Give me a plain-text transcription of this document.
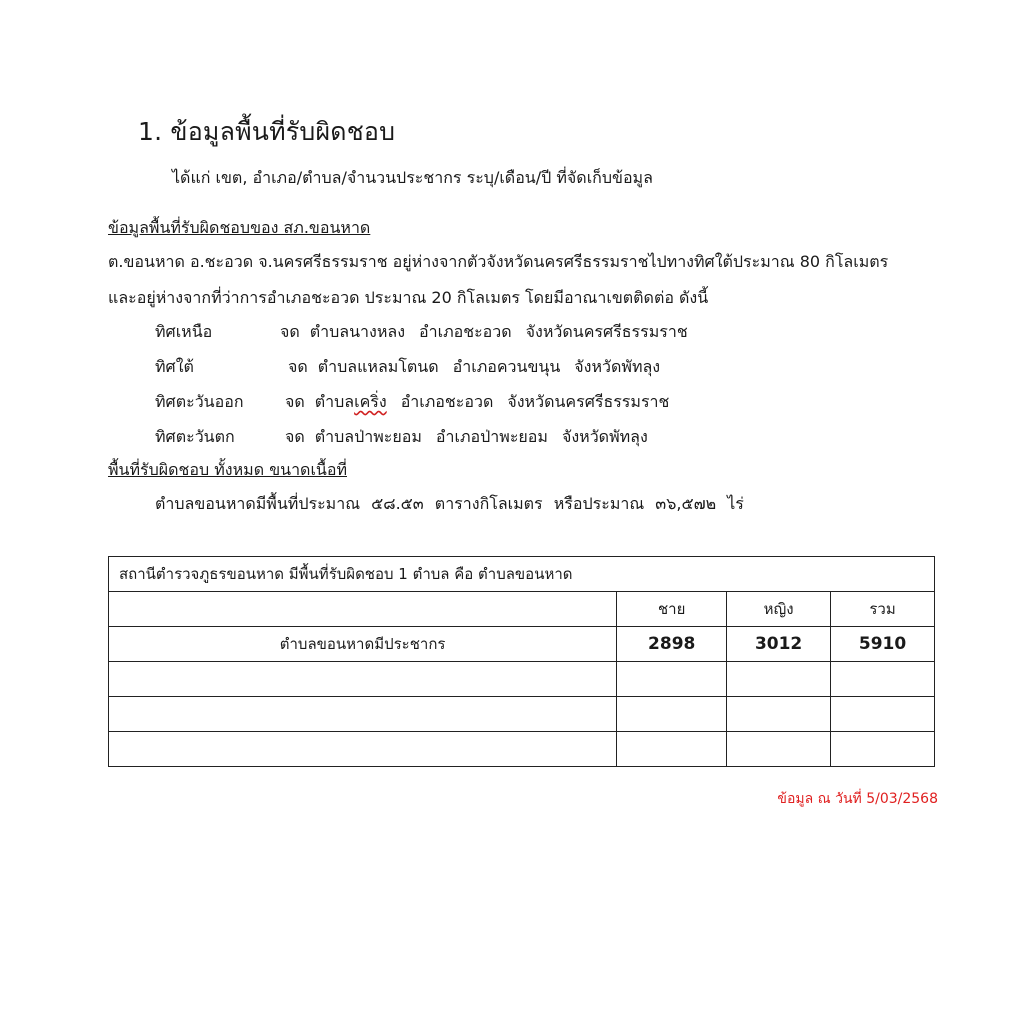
1. ข้อมูลพื้นที่รับผิดชอบ
ได้แก่ เขต, อำเภอ/ตำบล/จำนวนประชากร ระบุ/เดือน/ปี ที่จัดเก็บข้อมูล
ข้อมูลพื้นที่รับผิดชอบของ สภ.ขอนหาด
ต.ขอนหาด อ.ชะอวด จ.นครศรีธรรมราช อยู่ห่างจากตัวจังหวัดนครศรีธรรมราชไปทางทิศใต้ประมาณ 80 กิโลเมตร
และอยู่ห่างจากที่ว่าการอำเภอชะอวด ประมาณ 20 กิโลเมตร โดยมีอาณาเขตติดต่อ ดังนี้
ทิศเหนือ	จด ตำบลนางหลง อำเภอชะอวด จังหวัดนครศรีธรรมราช
ทิศใต้	จด ตำบลแหลมโตนด อำเภอควนขนุน จังหวัดพัทลุง
ทิศตะวันออก	จด ตำบลเคริ่ง อำเภอชะอวด จังหวัดนครศรีธรรมราช
ทิศตะวันตก	จด ตำบลป่าพะยอม อำเภอป่าพะยอม จังหวัดพัทลุง
พื้นที่รับผิดชอบ ทั้งหมด ขนาดเนื้อที่
ตำบลขอนหาดมีพื้นที่ประมาณ ๕๘.๕๓ ตารางกิโลเมตร หรือประมาณ ๓๖,๕๗๒ ไร่
สถานีตำรวจภูธรขอนหาด มีพื้นที่รับผิดชอบ 1 ตำบล คือ ตำบลขอนหาด			
	ชาย	หญิง	รวม
ตำบลขอนหาดมีประชากร	2898	3012	5910

ข้อมูล ณ วันที่ 5/03/2568
